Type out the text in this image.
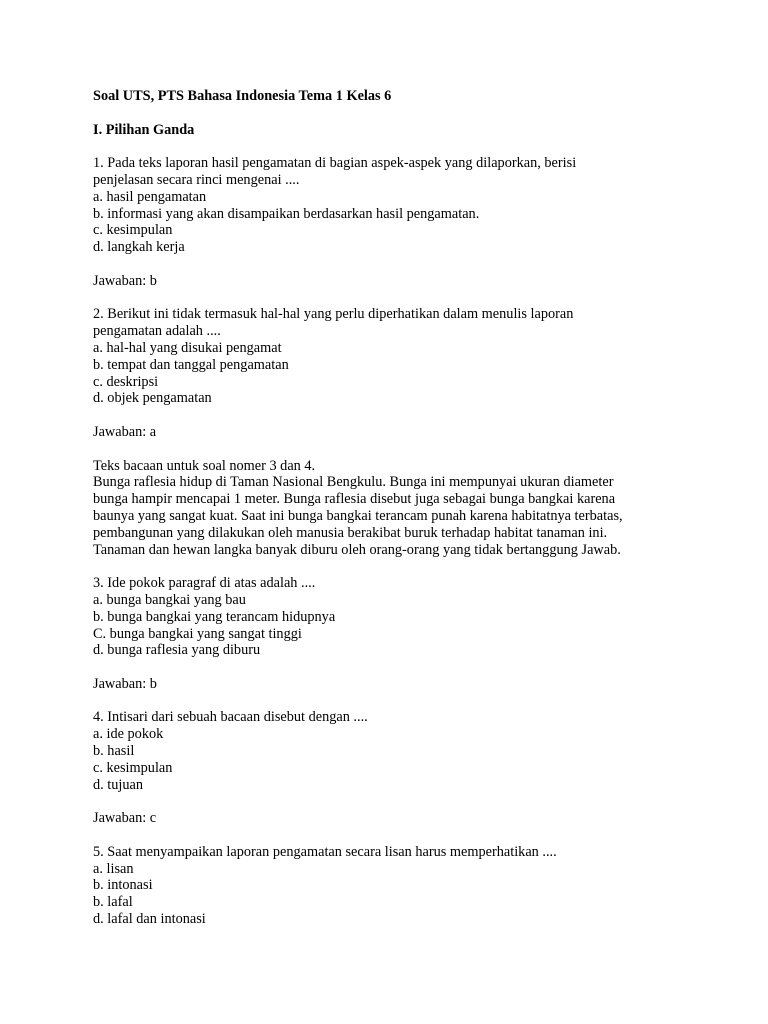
Soal UTS, PTS Bahasa Indonesia Tema 1 Kelas 6
I. Pilihan Ganda
1. Pada teks laporan hasil pengamatan di bagian aspek-aspek yang dilaporkan, berisi
penjelasan secara rinci mengenai ....
a. hasil pengamatan
b. informasi yang akan disampaikan berdasarkan hasil pengamatan.
c. kesimpulan
d. langkah kerja
Jawaban: b
2. Berikut ini tidak termasuk hal-hal yang perlu diperhatikan dalam menulis laporan
pengamatan adalah ....
a. hal-hal yang disukai pengamat
b. tempat dan tanggal pengamatan
c. deskripsi
d. objek pengamatan
Jawaban: a
Teks bacaan untuk soal nomer 3 dan 4.
Bunga raflesia hidup di Taman Nasional Bengkulu. Bunga ini mempunyai ukuran diameter
bunga hampir mencapai 1 meter. Bunga raflesia disebut juga sebagai bunga bangkai karena
baunya yang sangat kuat. Saat ini bunga bangkai terancam punah karena habitatnya terbatas,
pembangunan yang dilakukan oleh manusia berakibat buruk terhadap habitat tanaman ini.
Tanaman dan hewan langka banyak diburu oleh orang-orang yang tidak bertanggung Jawab.
3. Ide pokok paragraf di atas adalah ....
a. bunga bangkai yang bau
b. bunga bangkai yang terancam hidupnya
C. bunga bangkai yang sangat tinggi
d. bunga raflesia yang diburu
Jawaban: b
4. Intisari dari sebuah bacaan disebut dengan ....
a. ide pokok
b. hasil
c. kesimpulan
d. tujuan
Jawaban: c
5. Saat menyampaikan laporan pengamatan secara lisan harus memperhatikan ....
a. lisan
b. intonasi
b. lafal
d. lafal dan intonasi
